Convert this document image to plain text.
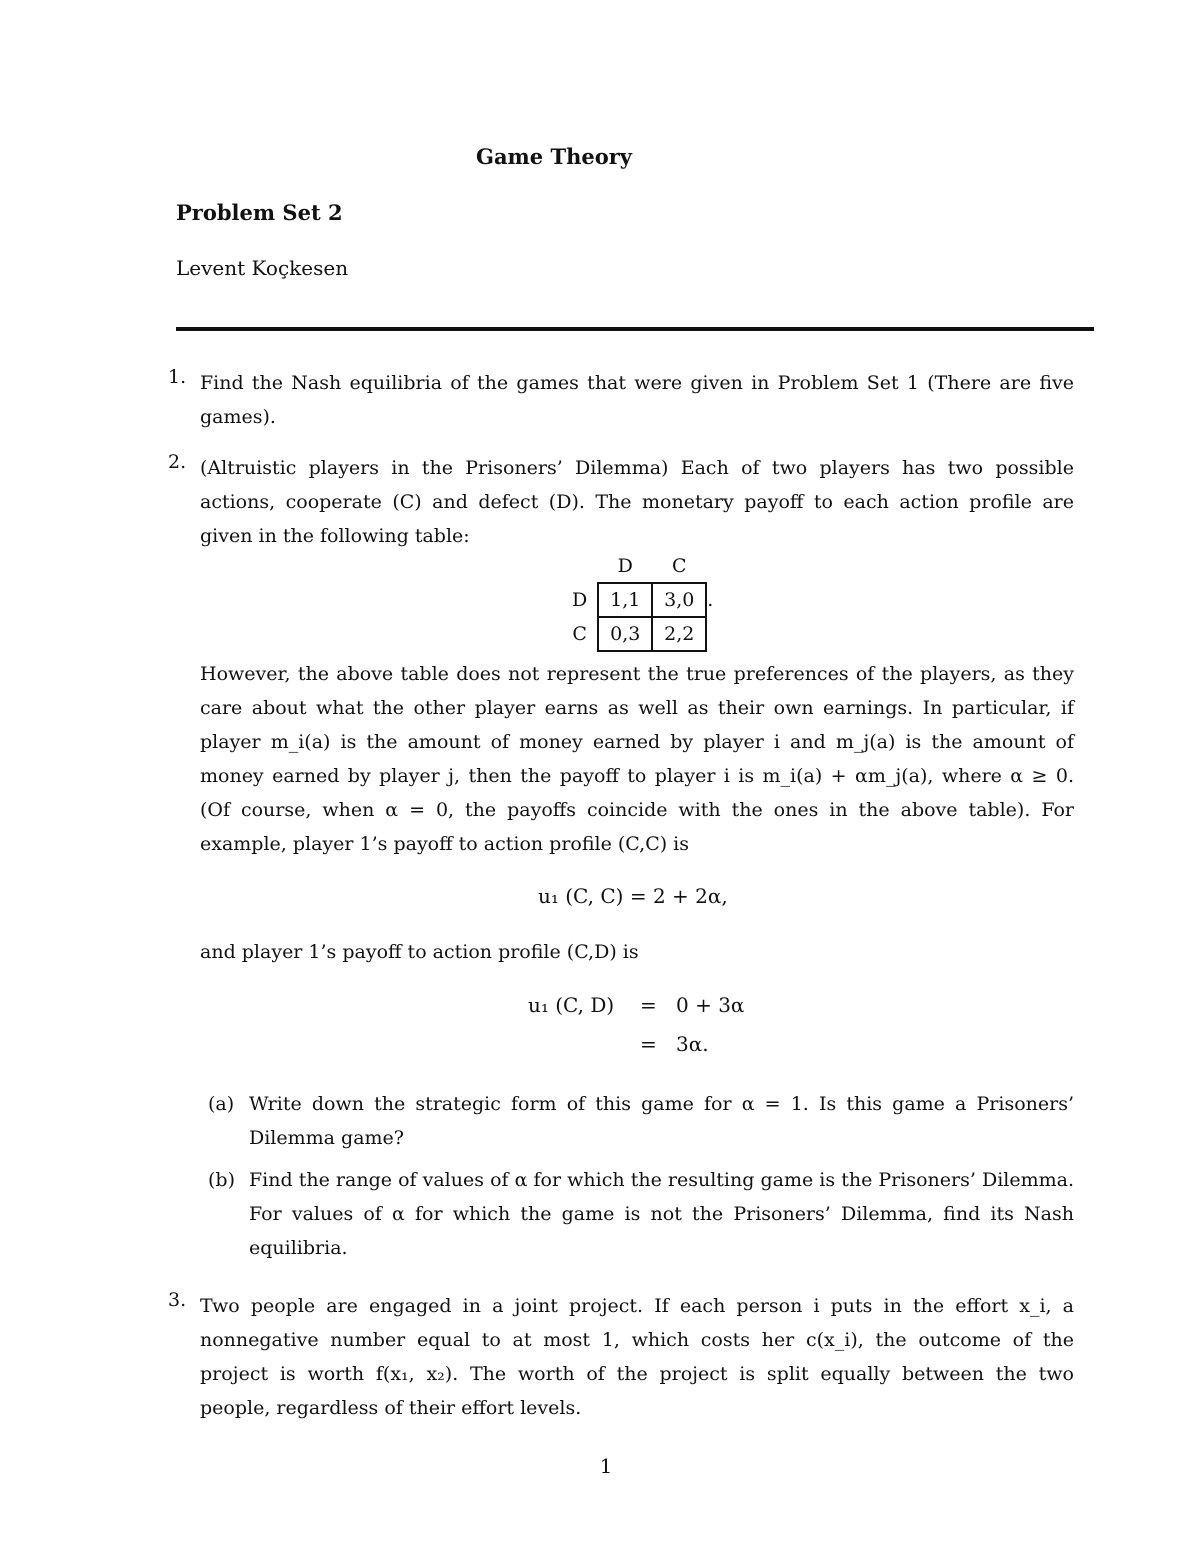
Game Theory
Problem Set 2
Levent Koçkesen
1. Find the Nash equilibria of the games that were given in Problem Set 1 (There are five
games).
2. (Altruistic players in the Prisoners’ Dilemma) Each of two players has two possible
actions, cooperate (C) and defect (D). The monetary payoff to each action profile are
given in the following table:
	D	C	
D	1,1	3,0	.
C	0,3	2,2	
However, the above table does not represent the true preferences of the players, as they
care about what the other player earns as well as their own earnings. In particular, if
player m_i(a) is the amount of money earned by player i and m_j(a) is the amount of
money earned by player j, then the payoff to player i is m_i(a) + αm_j(a), where α ≥ 0.
(Of course, when α = 0, the payoffs coincide with the ones in the above table). For
example, player 1’s payoff to action profile (C,C) is
u₁ (C, C) = 2 + 2α,
and player 1’s payoff to action profile (C,D) is
u₁ (C, D) = 0 + 3α
= 3α.
(a) Write down the strategic form of this game for α = 1. Is this game a Prisoners’
Dilemma game?
(b) Find the range of values of α for which the resulting game is the Prisoners’ Dilemma.
For values of α for which the game is not the Prisoners’ Dilemma, find its Nash
equilibria.
3. Two people are engaged in a joint project. If each person i puts in the effort x_i, a
nonnegative number equal to at most 1, which costs her c(x_i), the outcome of the
project is worth f(x₁, x₂). The worth of the project is split equally between the two
people, regardless of their effort levels.
1
